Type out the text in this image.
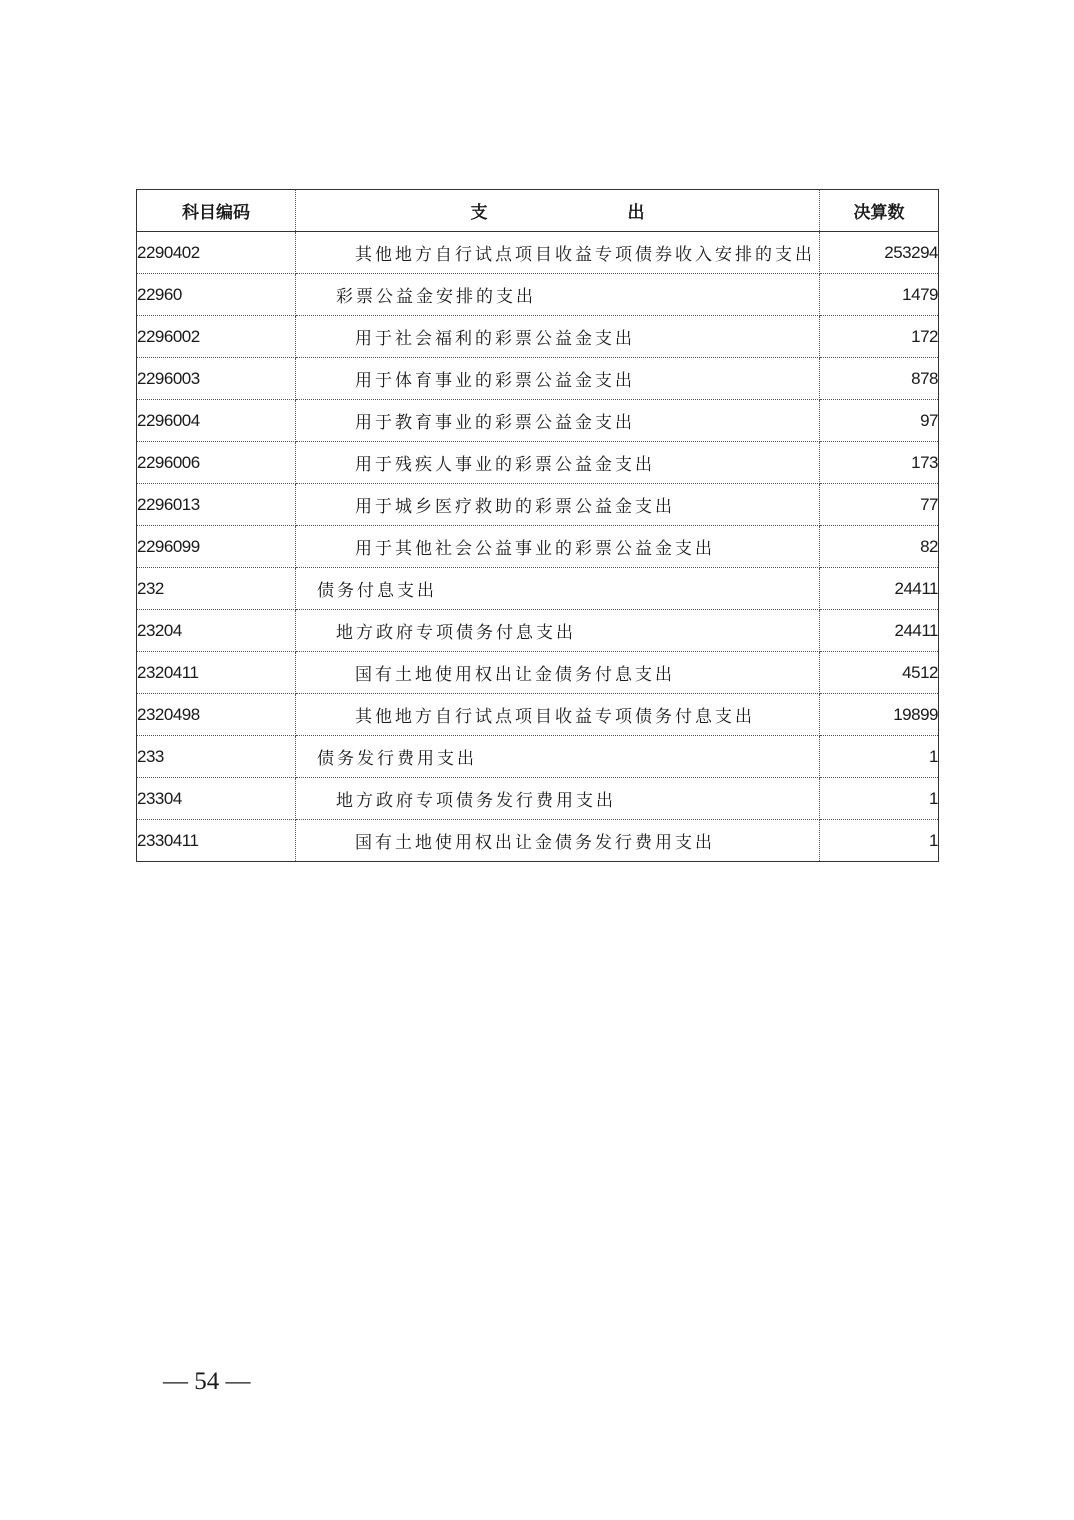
科目编码	支 出	决算数
2290402	其他地方自行试点项目收益专项债券收入安排的支出	253294
22960	彩票公益金安排的支出	1479
2296002	用于社会福利的彩票公益金支出	172
2296003	用于体育事业的彩票公益金支出	878
2296004	用于教育事业的彩票公益金支出	97
2296006	用于残疾人事业的彩票公益金支出	173
2296013	用于城乡医疗救助的彩票公益金支出	77
2296099	用于其他社会公益事业的彩票公益金支出	82
232	债务付息支出	24411
23204	地方政府专项债务付息支出	24411
2320411	国有土地使用权出让金债务付息支出	4512
2320498	其他地方自行试点项目收益专项债务付息支出	19899
233	债务发行费用支出	1
23304	地方政府专项债务发行费用支出	1
2330411	国有土地使用权出让金债务发行费用支出	1
— 54 —
